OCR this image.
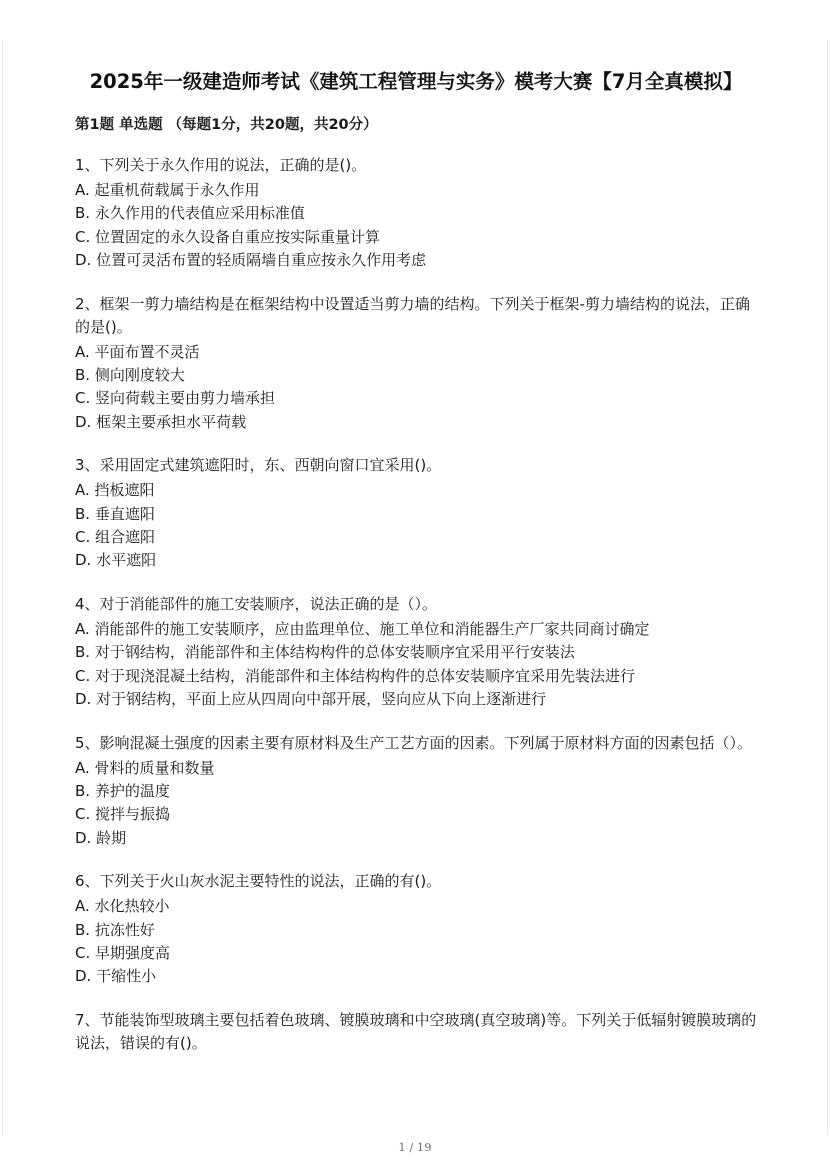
2025年一级建造师考试《建筑工程管理与实务》模考大赛【7月全真模拟】
第1题 单选题 （每题1分，共20题，共20分）

1、下列关于永久作用的说法，正确的是()。

A. 起重机荷载属于永久作用

B. 永久作用的代表值应采用标准值

C. 位置固定的永久设备自重应按实际重量计算

D. 位置可灵活布置的轻质隔墙自重应按永久作用考虑

2、框架一剪力墙结构是在框架结构中设置适当剪力墙的结构。下列关于框架-剪力墙结构的说法，正确的是()。

A. 平面布置不灵活

B. 侧向刚度较大

C. 竖向荷载主要由剪力墙承担

D. 框架主要承担水平荷载

3、采用固定式建筑遮阳时，东、西朝向窗口宜采用()。

A. 挡板遮阳

B. 垂直遮阳

C. 组合遮阳

D. 水平遮阳

4、对于消能部件的施工安装顺序，说法正确的是（）。

A. 消能部件的施工安装顺序，应由监理单位、施工单位和消能器生产厂家共同商讨确定

B. 对于钢结构，消能部件和主体结构构件的总体安装顺序宜采用平行安装法

C. 对于现浇混凝土结构，消能部件和主体结构构件的总体安装顺序宜采用先装法进行

D. 对于钢结构，平面上应从四周向中部开展，竖向应从下向上逐渐进行

5、影响混凝土强度的因素主要有原材料及生产工艺方面的因素。下列属于原材料方面的因素包括（）。

A. 骨料的质量和数量

B. 养护的温度

C. 搅拌与振捣

D. 龄期

6、下列关于火山灰水泥主要特性的说法，正确的有()。

A. 水化热较小

B. 抗冻性好

C. 早期强度高

D. 干缩性小

7、节能装饰型玻璃主要包括着色玻璃、镀膜玻璃和中空玻璃(真空玻璃)等。下列关于低辐射镀膜玻璃的说法，错误的有()。

1 / 19
